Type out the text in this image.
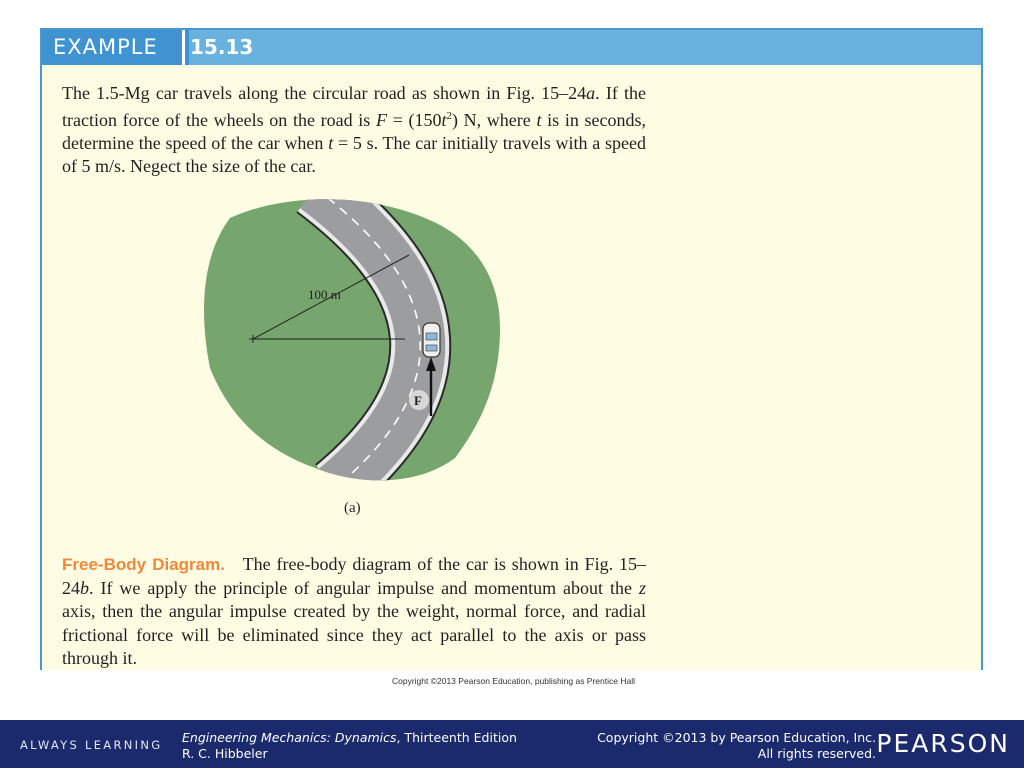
EXAMPLE	15.13

The 1.5-Mg car travels along the circular road as shown in Fig. 15–24a. If the traction force of the wheels on the road is $F = (150t^2)$ N, where t is in seconds, determine the speed of the car when t = 5 s. The car initially travels with a speed of 5 m/s. Negect the size of the car.

100 m
F
(a)
Free-Body Diagram. The free-body diagram of the car is shown in Fig. 15–24b. If we apply the principle of angular impulse and momentum about the z axis, then the angular impulse created by the weight, normal force, and radial frictional force will be eliminated since they act parallel to the axis or pass through it.
Copyright ©2013 Pearson Education, publishing as Prentice Hall
ALWAYS LEARNING Engineering Mechanics: Dynamics, Thirteenth Edition
R. C. Hibbeler
Copyright ©2013 by Pearson Education, Inc.
All rights reserved. PEARSON
